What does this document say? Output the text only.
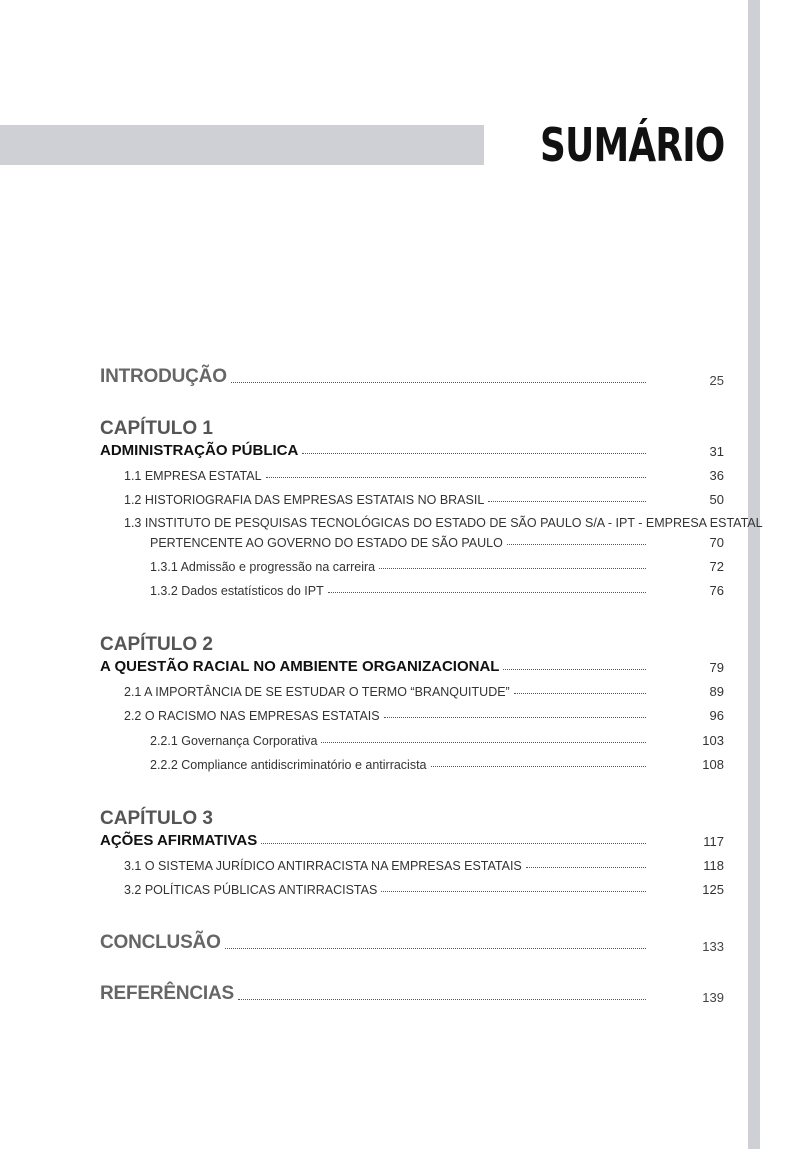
SUMÁRIO
INTRODUÇÃO	25
CAPÍTULO 1
ADMINISTRAÇÃO PÚBLICA	31
1.1 EMPRESA ESTATAL	36
1.2 HISTORIOGRAFIA DAS EMPRESAS ESTATAIS NO BRASIL	50
1.3 INSTITUTO DE PESQUISAS TECNOLÓGICAS DO ESTADO DE SÃO PAULO S/A - IPT - EMPRESA ESTATAL
PERTENCENTE AO GOVERNO DO ESTADO DE SÃO PAULO	70
1.3.1 Admissão e progressão na carreira	72
1.3.2 Dados estatísticos do IPT	76
CAPÍTULO 2
A QUESTÃO RACIAL NO AMBIENTE ORGANIZACIONAL	79
2.1 A IMPORTÂNCIA DE SE ESTUDAR O TERMO “BRANQUITUDE”	89
2.2 O RACISMO NAS EMPRESAS ESTATAIS	96
2.2.1 Governança Corporativa	103
2.2.2 Compliance antidiscriminatório e antirracista	108
CAPÍTULO 3
AÇÕES AFIRMATIVAS	117
3.1 O SISTEMA JURÍDICO ANTIRRACISTA NA EMPRESAS ESTATAIS	118
3.2 POLÍTICAS PÚBLICAS ANTIRRACISTAS	125
CONCLUSÃO	133
REFERÊNCIAS	139
